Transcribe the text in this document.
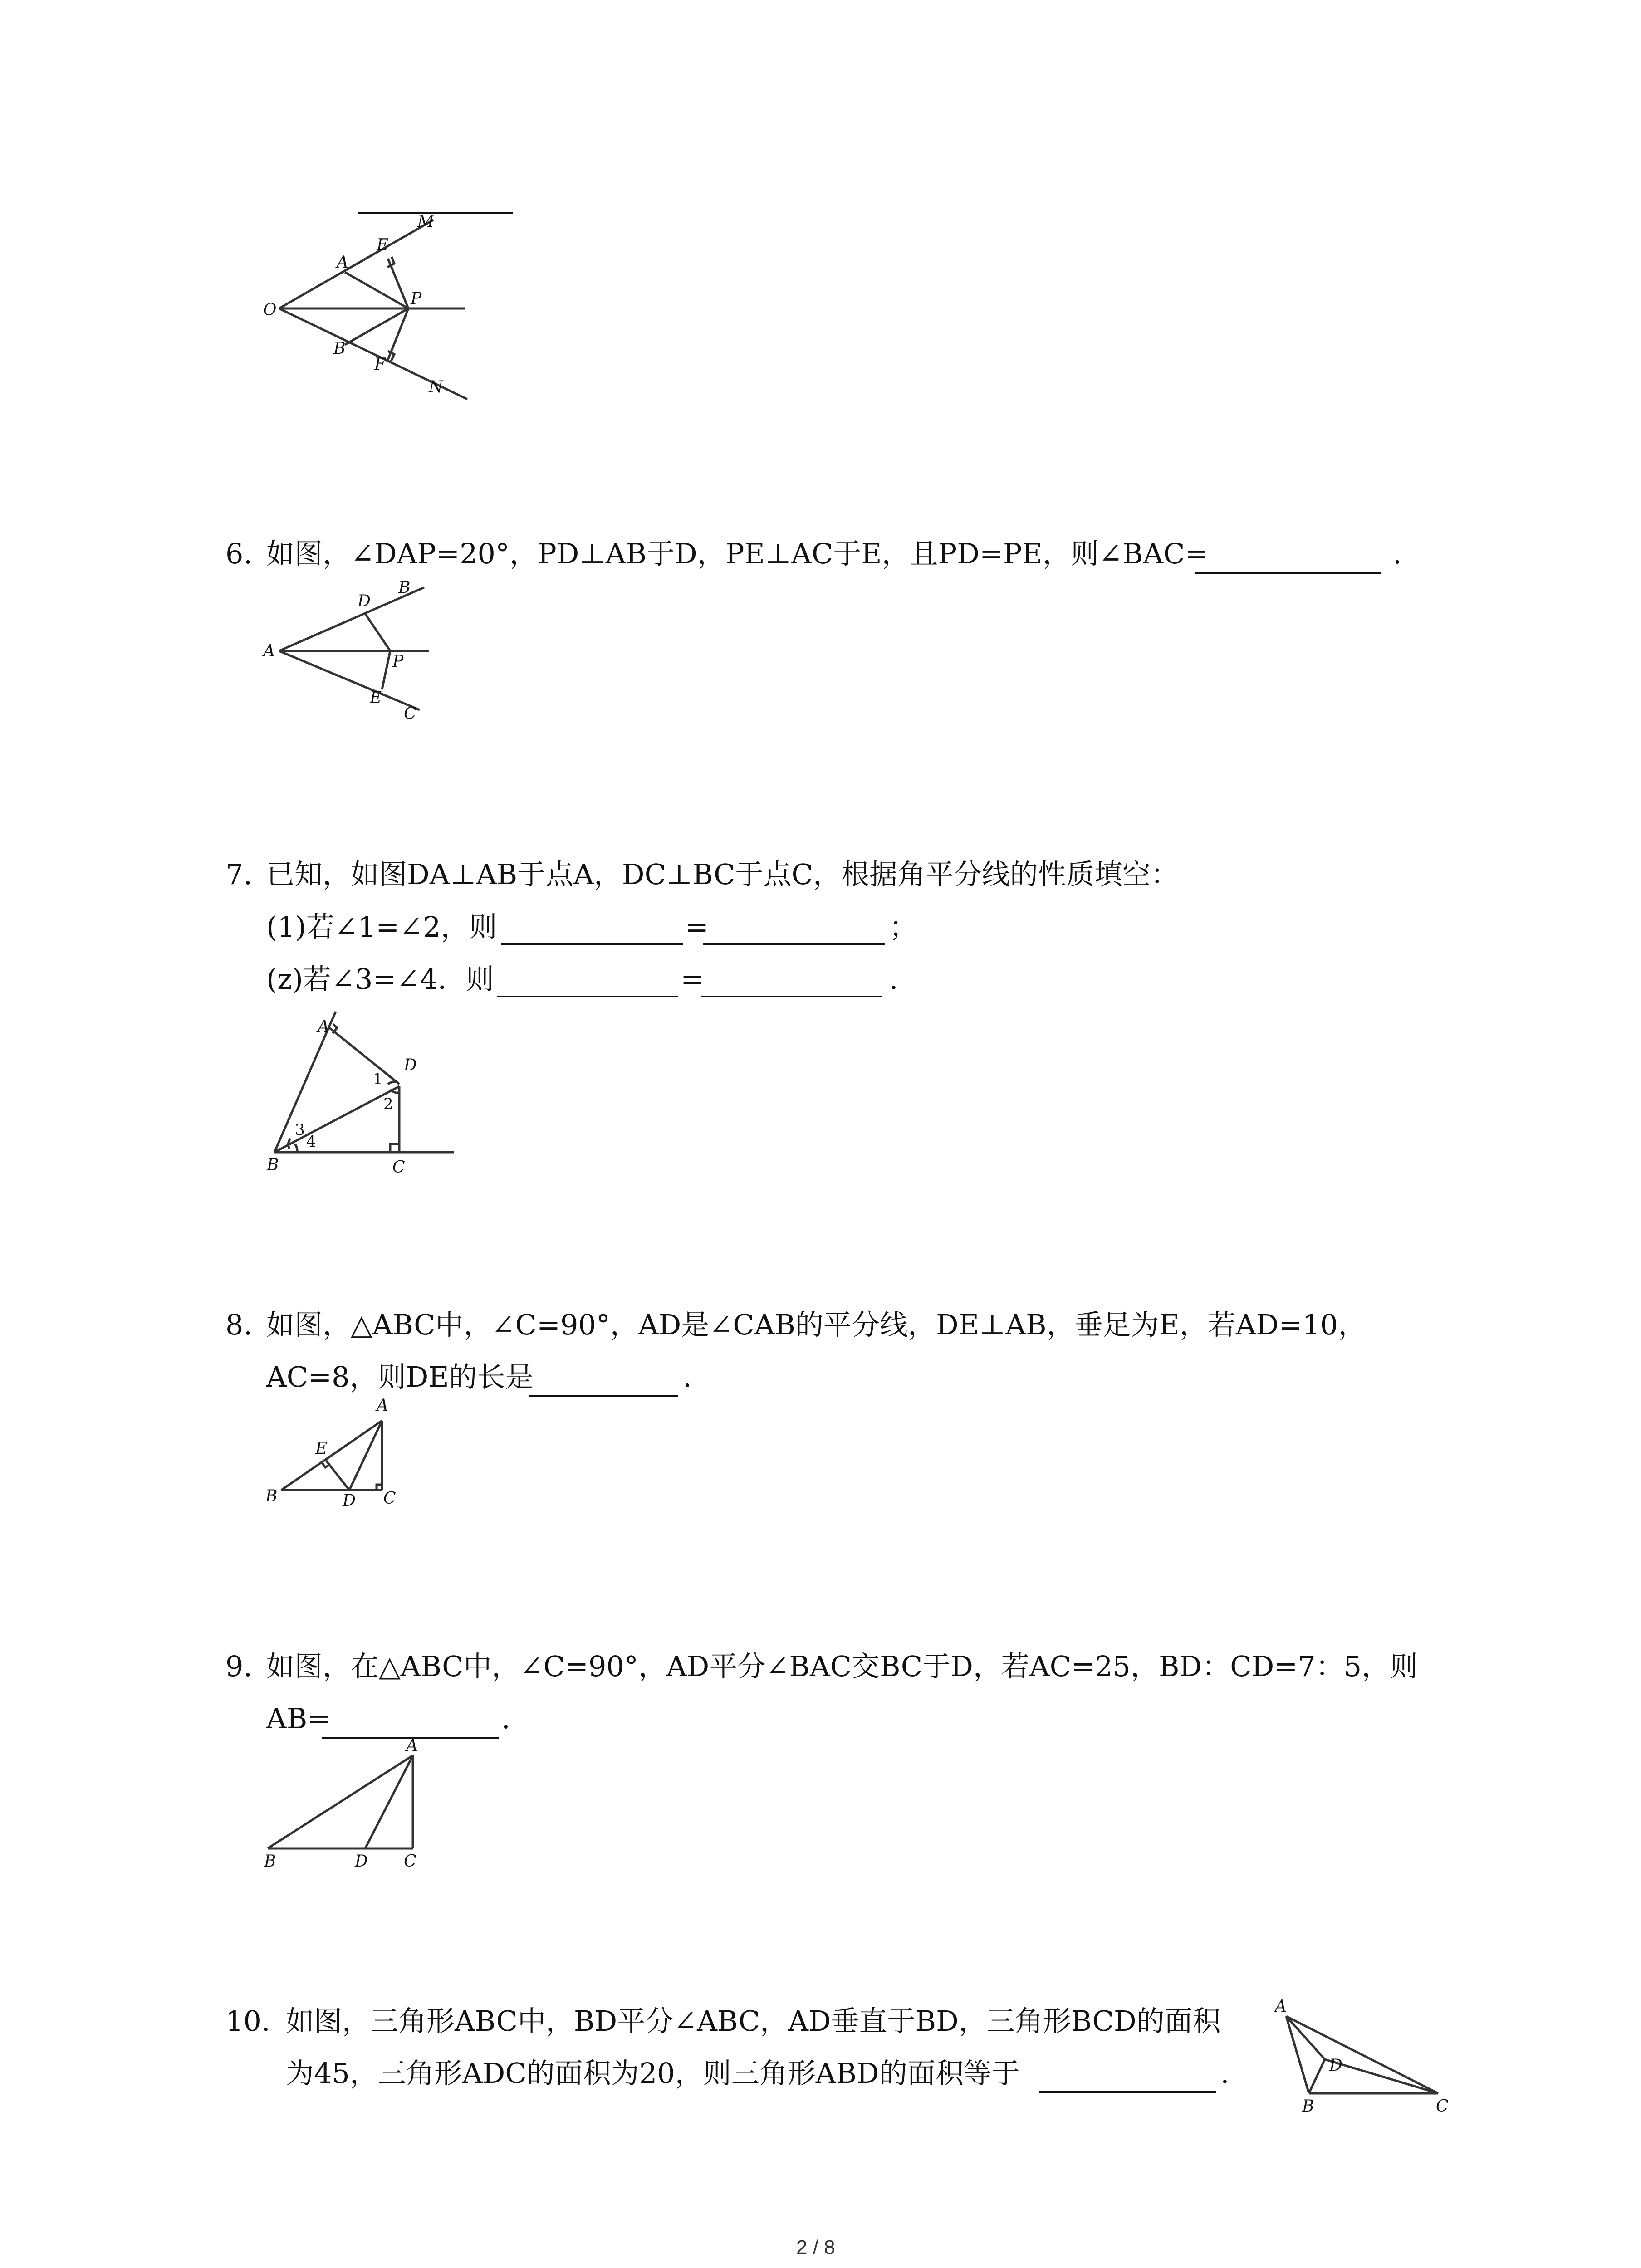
O
A
B
E
M
P
F
N
6. 如图，∠DAP=20°，PD⊥AB于D，PE⊥AC于E，且PD=PE，则∠BAC=	.
A
D
B
P
E
C
7. 已知，如图DA⊥AB于点A，DC⊥BC于点C，根据角平分线的性质填空：
(1)若∠1=∠2，则	=	；
(z)若∠3=∠4．则	=	.
A
D
1
2
3
4
B	C
8. 如图，△ABC中，∠C=90°，AD是∠CAB的平分线，DE⊥AB，垂足为E，若AD=10，
AC=8，则DE的长是	.
A
E
B	D C
9. 如图，在△ABC中，∠C=90°，AD平分∠BAC交BC于D，若AC=25，BD：CD=7：5，则
AB=	.
A
B	D C
10. 如图，三角形ABC中，BD平分∠ABC，AD垂直于BD，三角形BCD的面积
为45，三角形ADC的面积为20，则三角形ABD的面积等于	.
A
D
B	C
2 / 8
